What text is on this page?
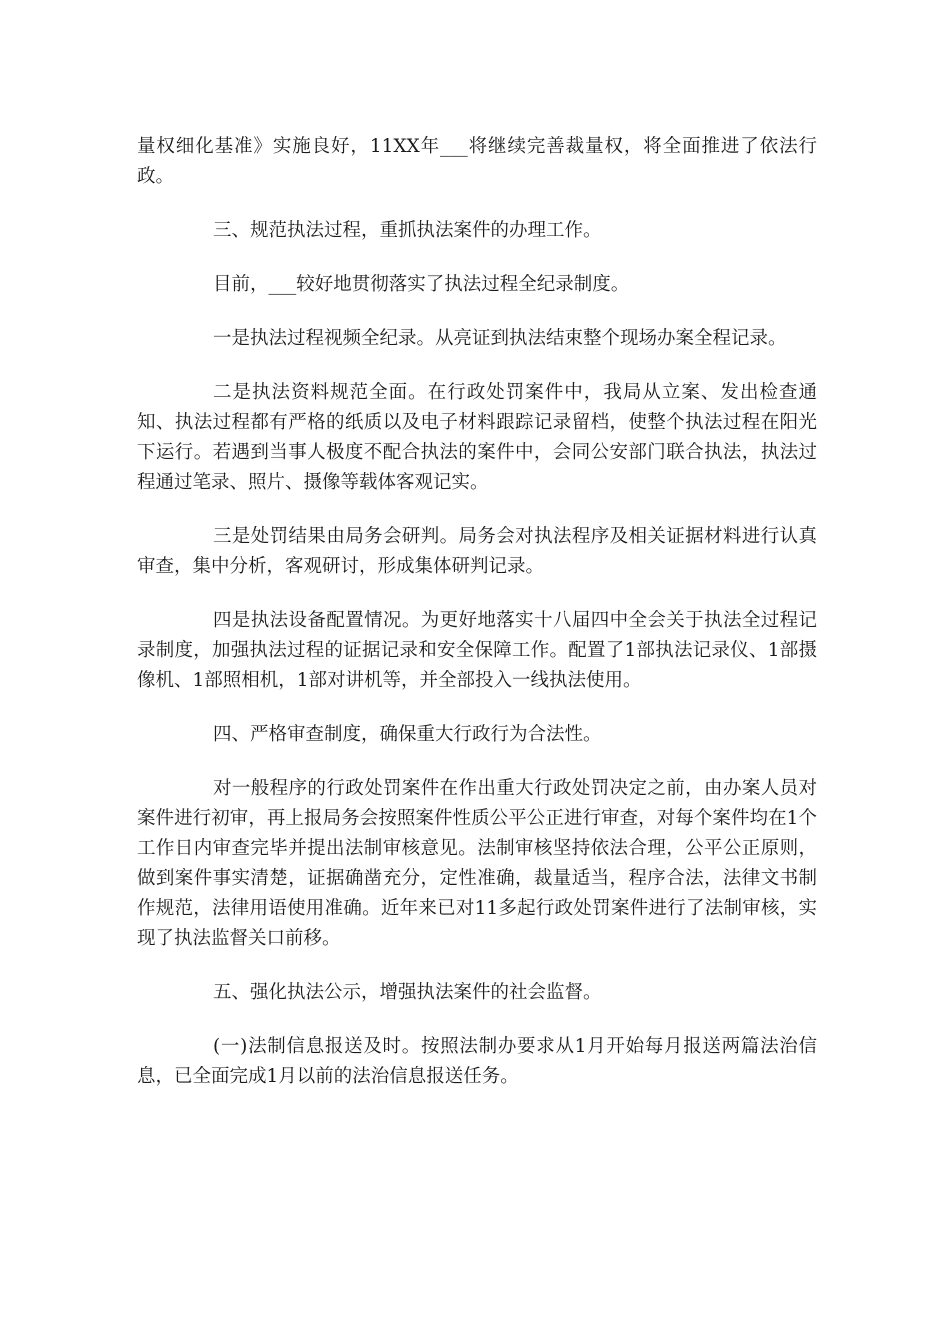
量权细化基准》实施良好，11XX年___将继续完善裁量权，将全面推进了依法行政。

三、规范执法过程，重抓执法案件的办理工作。

目前，___较好地贯彻落实了执法过程全纪录制度。

一是执法过程视频全纪录。从亮证到执法结束整个现场办案全程记录。

二是执法资料规范全面。在行政处罚案件中，我局从立案、发出检查通知、执法过程都有严格的纸质以及电子材料跟踪记录留档，使整个执法过程在阳光下运行。若遇到当事人极度不配合执法的案件中，会同公安部门联合执法，执法过程通过笔录、照片、摄像等载体客观记实。

三是处罚结果由局务会研判。局务会对执法程序及相关证据材料进行认真审查，集中分析，客观研讨，形成集体研判记录。

四是执法设备配置情况。为更好地落实十八届四中全会关于执法全过程记录制度，加强执法过程的证据记录和安全保障工作。配置了1部执法记录仪、1部摄像机、1部照相机，1部对讲机等，并全部投入一线执法使用。

四、严格审查制度，确保重大行政行为合法性。

对一般程序的行政处罚案件在作出重大行政处罚决定之前，由办案人员对案件进行初审，再上报局务会按照案件性质公平公正进行审查，对每个案件均在1个工作日内审查完毕并提出法制审核意见。法制审核坚持依法合理，公平公正原则，做到案件事实清楚，证据确凿充分，定性准确，裁量适当，程序合法，法律文书制作规范，法律用语使用准确。近年来已对11多起行政处罚案件进行了法制审核，实现了执法监督关口前移。

五、强化执法公示，增强执法案件的社会监督。

(一)法制信息报送及时。按照法制办要求从1月开始每月报送两篇法治信息，已全面完成1月以前的法治信息报送任务。
